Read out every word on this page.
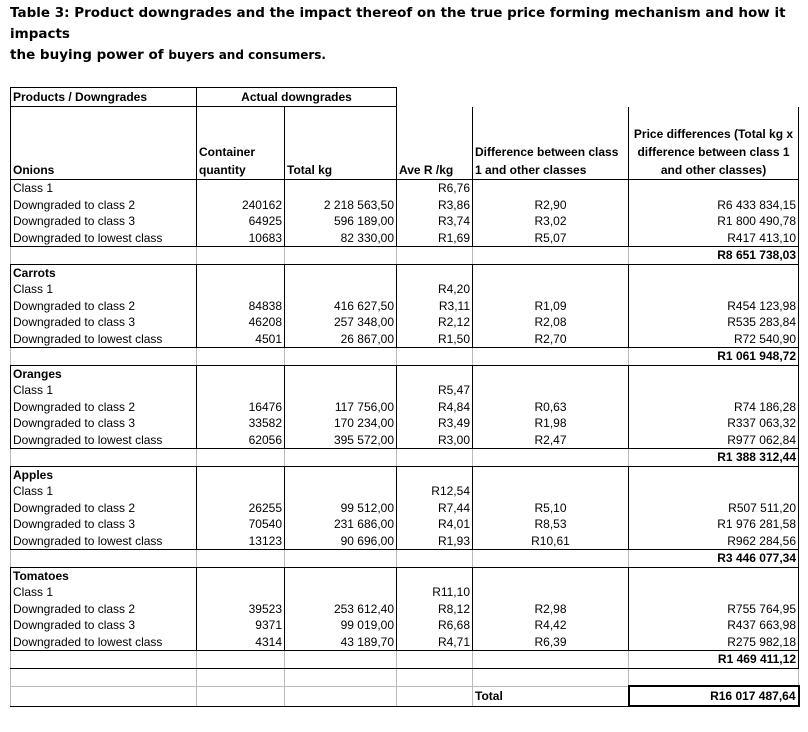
Table 3: Product downgrades and the impact thereof on the true price forming mechanism and how it impacts
the buying power of buyers and consumers.
Products / Downgrades	Actual downgrades				
Onions	Container quantity	Total kg	Ave R /kg	Difference between class 1 and other classes	Price differences (Total kg x difference between class 1 and other classes)
Class 1			R6,76		
Downgraded to class 2	240162	2 218 563,50	R3,86	R2,90	R6 433 834,15
Downgraded to class 3	64925	596 189,00	R3,74	R3,02	R1 800 490,78
Downgraded to lowest class	10683	82 330,00	R1,69	R5,07	R417 413,10
					R8 651 738,03
Carrots					
Class 1			R4,20		
Downgraded to class 2	84838	416 627,50	R3,11	R1,09	R454 123,98
Downgraded to class 3	46208	257 348,00	R2,12	R2,08	R535 283,84
Downgraded to lowest class	4501	26 867,00	R1,50	R2,70	R72 540,90
					R1 061 948,72
Oranges					
Class 1			R5,47		
Downgraded to class 2	16476	117 756,00	R4,84	R0,63	R74 186,28
Downgraded to class 3	33582	170 234,00	R3,49	R1,98	R337 063,32
Downgraded to lowest class	62056	395 572,00	R3,00	R2,47	R977 062,84
					R1 388 312,44
Apples					
Class 1			R12,54		
Downgraded to class 2	26255	99 512,00	R7,44	R5,10	R507 511,20
Downgraded to class 3	70540	231 686,00	R4,01	R8,53	R1 976 281,58
Downgraded to lowest class	13123	90 696,00	R1,93	R10,61	R962 284,56
					R3 446 077,34
Tomatoes					
Class 1			R11,10		
Downgraded to class 2	39523	253 612,40	R8,12	R2,98	R755 764,95
Downgraded to class 3	9371	99 019,00	R6,68	R4,42	R437 663,98
Downgraded to lowest class	4314	43 189,70	R4,71	R6,39	R275 982,18
					R1 469 411,12

				Total	R16 017 487,64
